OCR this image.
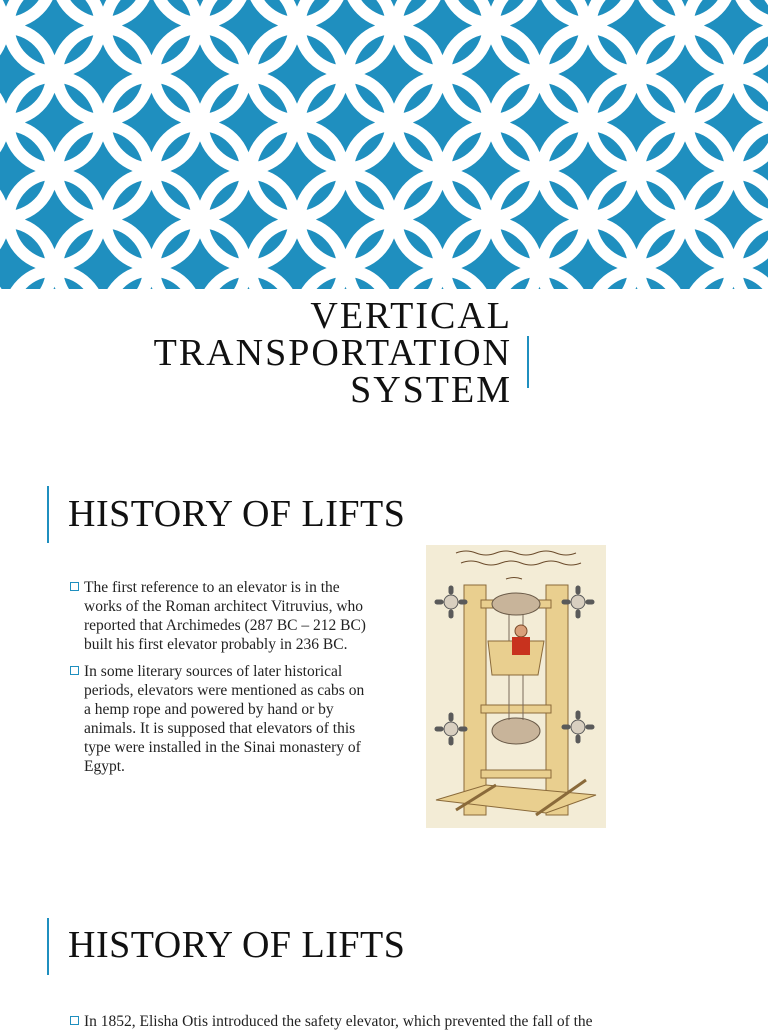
VERTICAL
TRANSPORTATION
SYSTEM
HISTORY OF LIFTS
The first reference to an elevator is in the works of the Roman architect Vitruvius, who reported that Archimedes (287 BC – 212 BC) built his first elevator probably in 236 BC.
In some literary sources of later historical periods, elevators were mentioned as cabs on a hemp rope and powered by hand or by animals. It is supposed that elevators of this type were installed in the Sinai monastery of Egypt.
HISTORY OF LIFTS
In 1852, Elisha Otis introduced the safety elevator, which prevented the fall of the
